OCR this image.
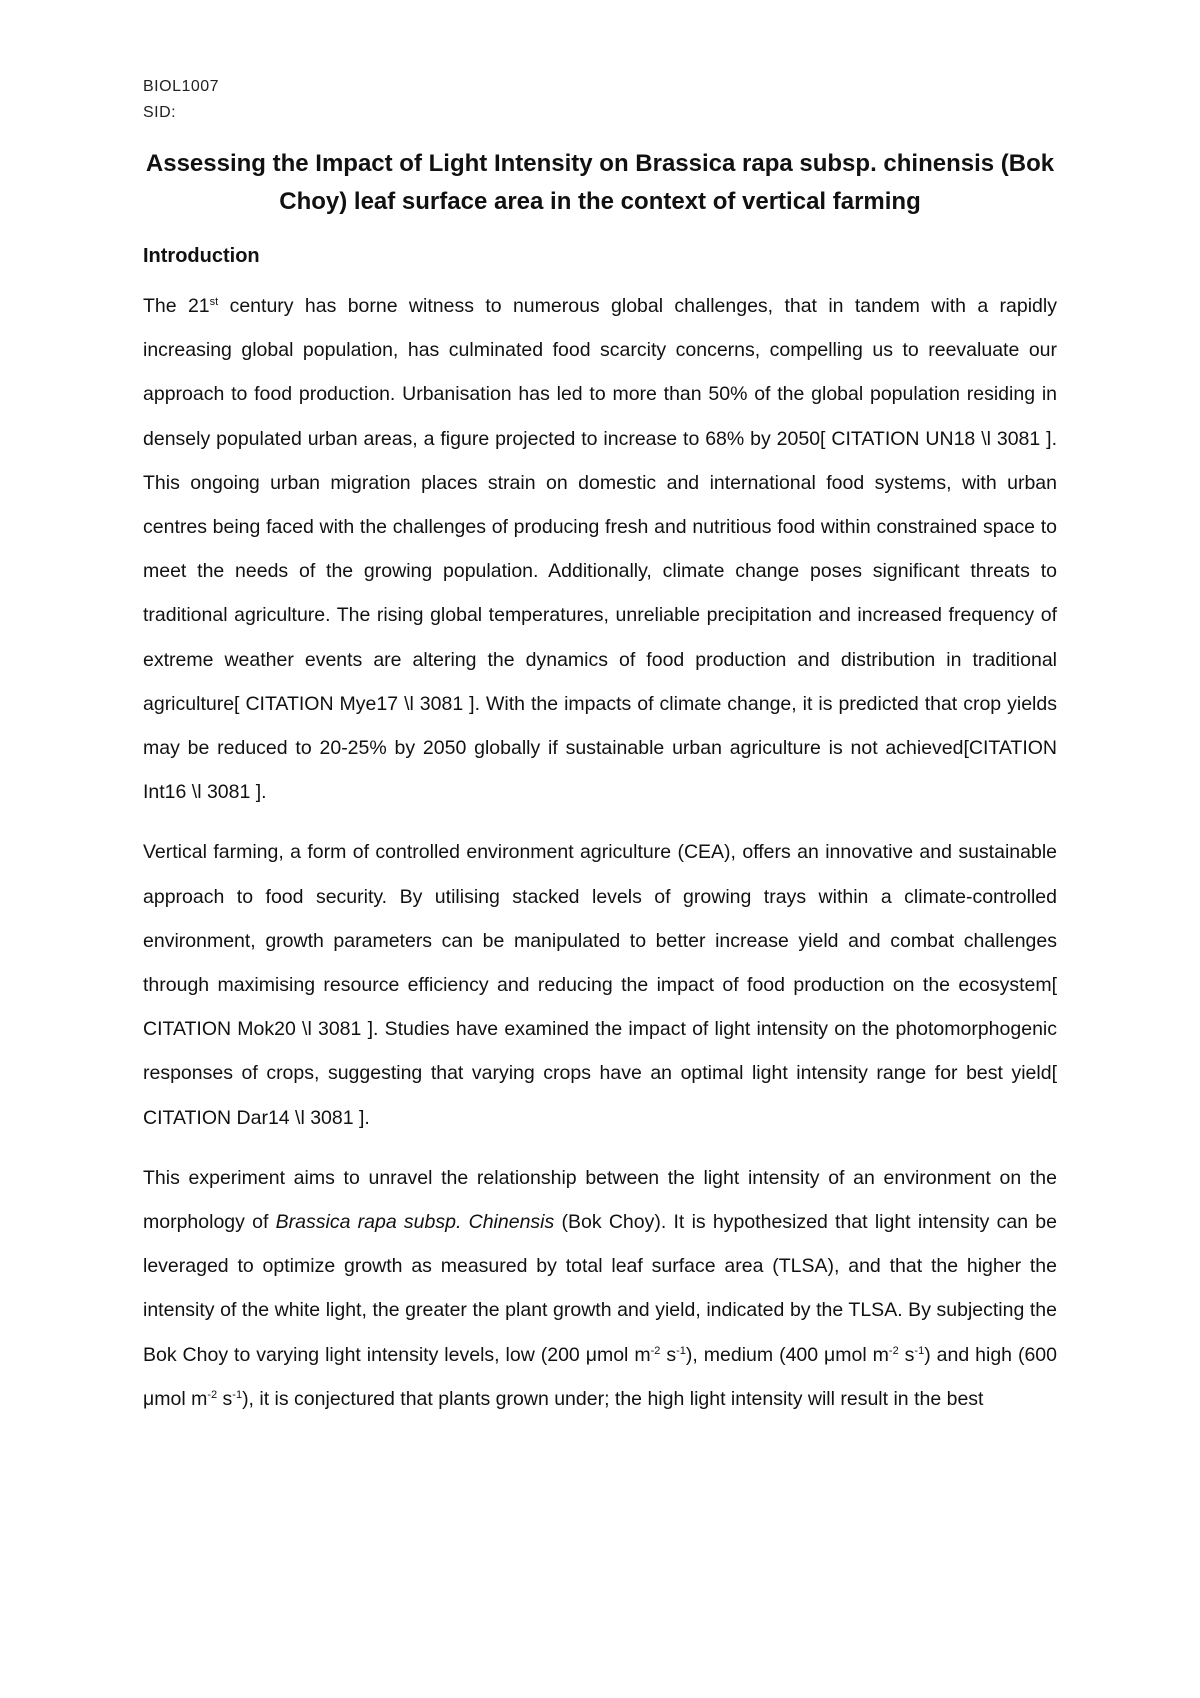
BIOL1007
SID:
Assessing the Impact of Light Intensity on Brassica rapa subsp. chinensis (Bok Choy) leaf surface area in the context of vertical farming
Introduction

The 21st century has borne witness to numerous global challenges, that in tandem with a rapidly increasing global population, has culminated food scarcity concerns, compelling us to reevaluate our approach to food production. Urbanisation has led to more than 50% of the global population residing in densely populated urban areas, a figure projected to increase to 68% by 2050[ CITATION UN18 \l 3081 ]. This ongoing urban migration places strain on domestic and international food systems, with urban centres being faced with the challenges of producing fresh and nutritious food within constrained space to meet the needs of the growing population. Additionally, climate change poses significant threats to traditional agriculture. The rising global temperatures, unreliable precipitation and increased frequency of extreme weather events are altering the dynamics of food production and distribution in traditional agriculture[ CITATION Mye17 \l 3081 ]. With the impacts of climate change, it is predicted that crop yields may be reduced to 20-25% by 2050 globally if sustainable urban agriculture is not achieved[CITATION Int16 \l 3081 ].

Vertical farming, a form of controlled environment agriculture (CEA), offers an innovative and sustainable approach to food security. By utilising stacked levels of growing trays within a climate-controlled environment, growth parameters can be manipulated to better increase yield and combat challenges through maximising resource efficiency and reducing the impact of food production on the ecosystem[ CITATION Mok20 \l 3081 ]. Studies have examined the impact of light intensity on the photomorphogenic responses of crops, suggesting that varying crops have an optimal light intensity range for best yield[ CITATION Dar14 \l 3081 ].

This experiment aims to unravel the relationship between the light intensity of an environment on the morphology of Brassica rapa subsp. Chinensis (Bok Choy). It is hypothesized that light intensity can be leveraged to optimize growth as measured by total leaf surface area (TLSA), and that the higher the intensity of the white light, the greater the plant growth and yield, indicated by the TLSA. By subjecting the Bok Choy to varying light intensity levels, low (200 μmol $m^{-2}$ $s^{-1}$), medium (400 μmol $m^{-2}$ $s^{-1}$) and high (600 μmol $m^{-2}$ $s^{-1}$), it is conjectured that plants grown under; the high light intensity will result in the best
